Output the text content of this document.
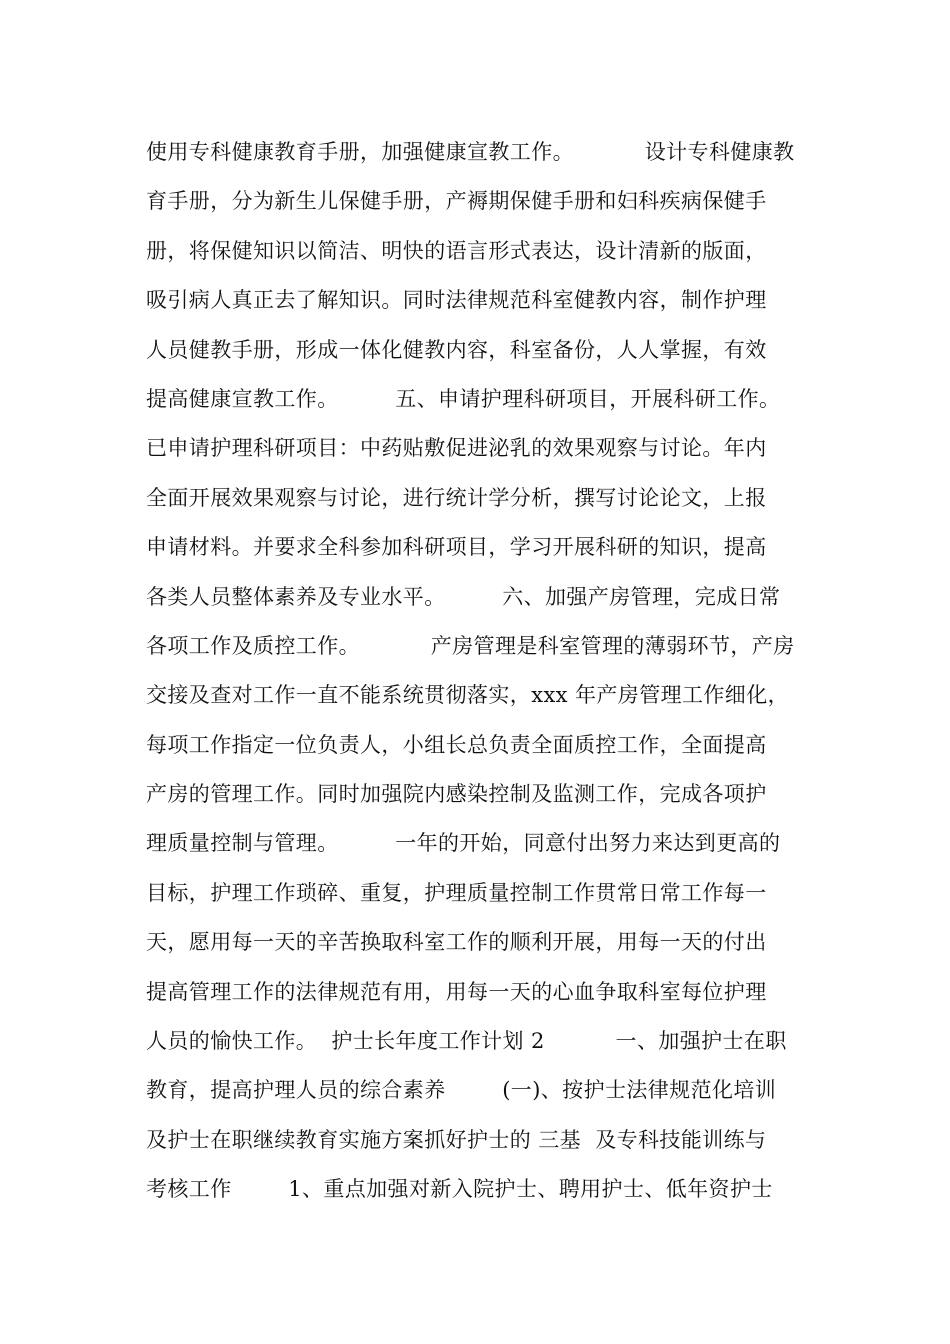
使用专科健康教育手册，加强健康宣教工作。          设计专科健康教
育手册，分为新生儿保健手册，产褥期保健手册和妇科疾病保健手
册，将保健知识以简洁、明快的语言形式表达，设计清新的版面，
吸引病人真正去了解知识。同时法律规范科室健教内容，制作护理
人员健教手册，形成一体化健教内容，科室备份，人人掌握，有效
提高健康宣教工作。        五、申请护理科研项目，开展科研工作。
已申请护理科研项目：中药贴敷促进泌乳的效果观察与讨论。年内
全面开展效果观察与讨论，进行统计学分析，撰写讨论论文，上报
申请材料。并要求全科参加科研项目，学习开展科研的知识，提高
各类人员整体素养及专业水平。        六、加强产房管理，完成日常
各项工作及质控工作。          产房管理是科室管理的薄弱环节，产房
交接及查对工作一直不能系统贯彻落实，xxx 年产房管理工作细化，
每项工作指定一位负责人，小组长总负责全面质控工作，全面提高
产房的管理工作。同时加强院内感染控制及监测工作，完成各项护
理质量控制与管理。        一年的开始，同意付出努力来达到更高的
目标，护理工作琐碎、重复，护理质量控制工作贯常日常工作每一
天，愿用每一天的辛苦换取科室工作的顺利开展，用每一天的付出
提高管理工作的法律规范有用，用每一天的心血争取科室每位护理
人员的愉快工作。  护士长年度工作计划 2          一、加强护士在职
教育，提高护理人员的综合素养        (一)、按护士法律规范化培训
及护士在职继续教育实施方案抓好护士的 三基  及专科技能训练与
考核工作        1、重点加强对新入院护士、聘用护士、低年资护士
